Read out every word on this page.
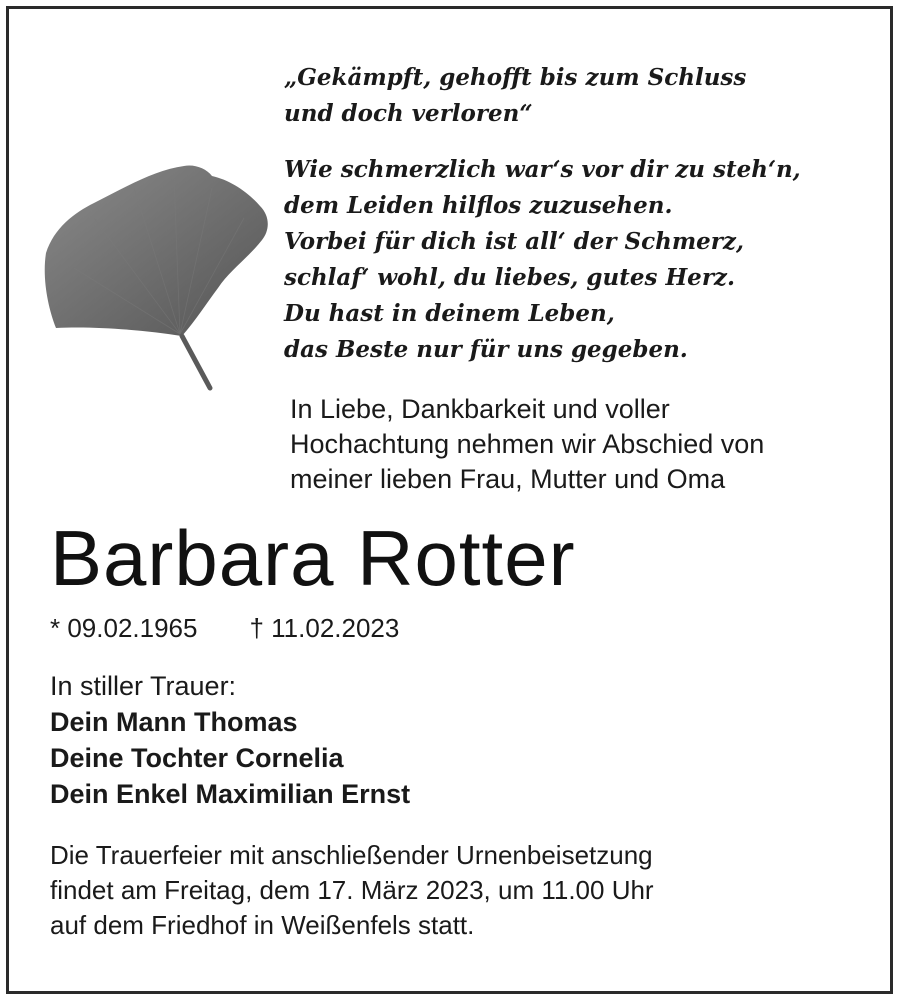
„Gekämpft, gehofft bis zum Schluss
und doch verloren“
Wie schmerzlich war‘s vor dir zu steh‘n,
dem Leiden hilflos zuzusehen.
Vorbei für dich ist all‘ der Schmerz,
schlaf‘ wohl, du liebes, gutes Herz.
Du hast in deinem Leben,
das Beste nur für uns gegeben.
In Liebe, Dankbarkeit und voller
Hochachtung nehmen wir Abschied von
meiner lieben Frau, Mutter und Oma
Barbara Rotter
* 09.02.1965 † 11.02.2023
In stiller Trauer:
Dein Mann Thomas
Deine Tochter Cornelia
Dein Enkel Maximilian Ernst
Die Trauerfeier mit anschließender Urnenbeisetzung
findet am Freitag, dem 17. März 2023, um 11.00 Uhr
auf dem Friedhof in Weißenfels statt.
